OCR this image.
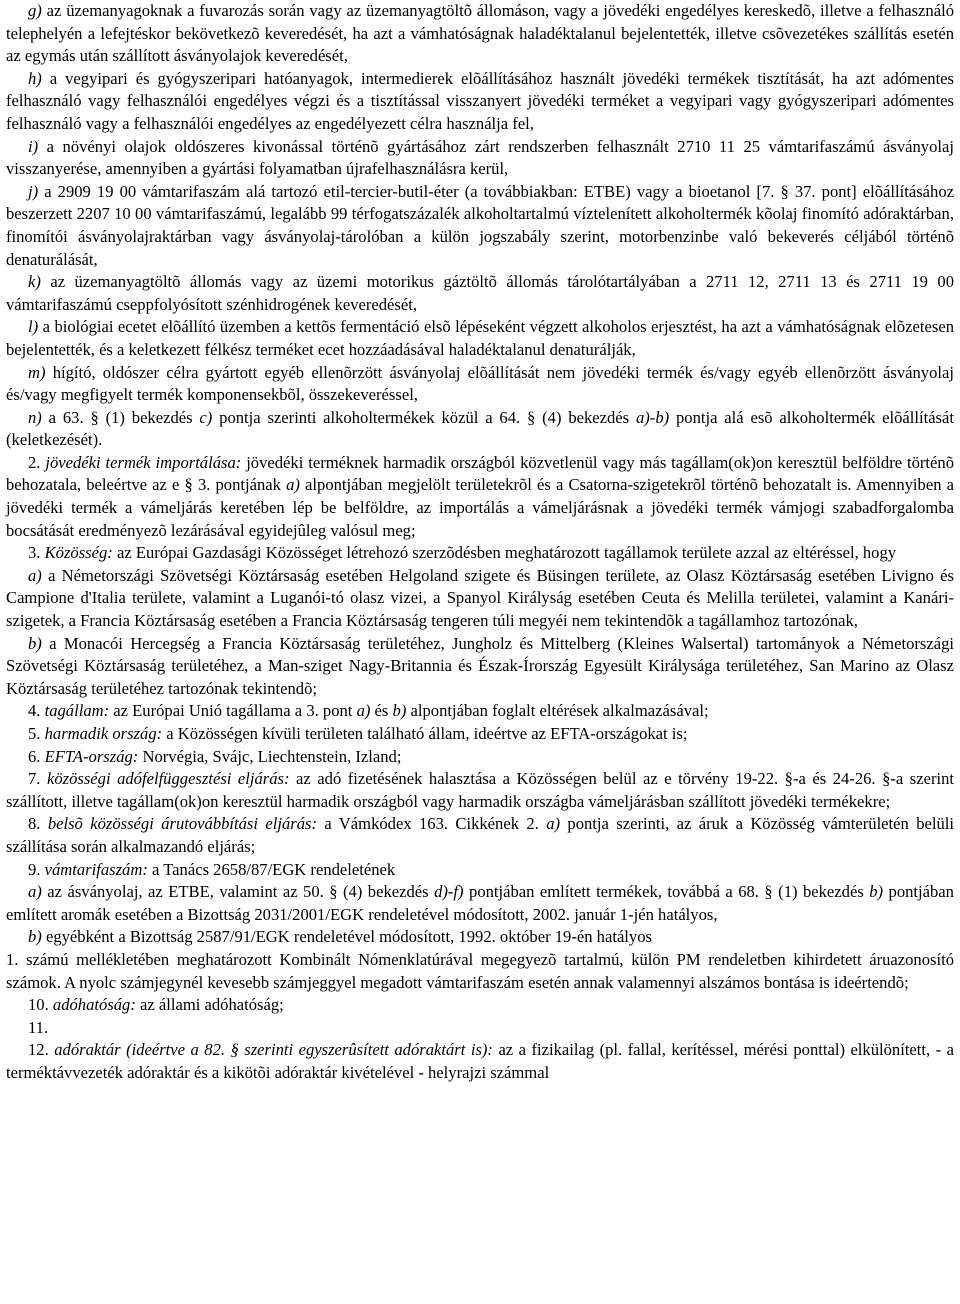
g) az üzemanyagoknak a fuvarozás során vagy az üzemanyagtöltõ állomáson, vagy a jövedéki engedélyes kereskedõ, illetve a felhasználó telephelyén a lefejtéskor bekövetkezõ keveredését, ha azt a vámhatóságnak haladéktalanul bejelentették, illetve csõvezetékes szállítás esetén az egymás után szállított ásványolajok keveredését,

h) a vegyipari és gyógyszeripari hatóanyagok, intermedierek elõállításához használt jövedéki termékek tisztítását, ha azt adómentes felhasználó vagy felhasználói engedélyes végzi és a tisztítással visszanyert jövedéki terméket a vegyipari vagy gyógyszeripari adómentes felhasználó vagy a felhasználói engedélyes az engedélyezett célra használja fel,

i) a növényi olajok oldószeres kivonással történõ gyártásához zárt rendszerben felhasznált 2710 11 25 vámtarifaszámú ásványolaj visszanyerése, amennyiben a gyártási folyamatban újrafelhasználásra kerül,

j) a 2909 19 00 vámtarifaszám alá tartozó etil-tercier-butil-éter (a továbbiakban: ETBE) vagy a bioetanol [7. § 37. pont] elõállításához beszerzett 2207 10 00 vámtarifaszámú, legalább 99 térfogatszázalék alkoholtartalmú víztelenített alkoholtermék kõolaj finomító adóraktárban, finomítói ásványolajraktárban vagy ásványolaj-tárolóban a külön jogszabály szerint, motorbenzinbe való bekeverés céljából történõ denaturálását,

k) az üzemanyagtöltõ állomás vagy az üzemi motorikus gáztöltõ állomás tárolótartályában a 2711 12, 2711 13 és 2711 19 00 vámtarifaszámú cseppfolyósított szénhidrogének keveredését,

l) a biológiai ecetet elõállító üzemben a kettõs fermentáció elsõ lépéseként végzett alkoholos erjesztést, ha azt a vámhatóságnak elõzetesen bejelentették, és a keletkezett félkész terméket ecet hozzáadásával haladéktalanul denaturálják,

m) hígító, oldószer célra gyártott egyéb ellenõrzött ásványolaj elõállítását nem jövedéki termék és/vagy egyéb ellenõrzött ásványolaj és/vagy megfigyelt termék komponensekbõl, összekeveréssel,

n) a 63. § (1) bekezdés c) pontja szerinti alkoholtermékek közül a 64. § (4) bekezdés a)-b) pontja alá esõ alkoholtermék elõállítását (keletkezését).

2. jövedéki termék importálása: jövedéki terméknek harmadik országból közvetlenül vagy más tagállam(ok)on keresztül belföldre történõ behozatala, beleértve az e § 3. pontjának a) alpontjában megjelölt területekrõl és a Csatorna-szigetekrõl történõ behozatalt is. Amennyiben a jövedéki termék a vámeljárás keretében lép be belföldre, az importálás a vámeljárásnak a jövedéki termék vámjogi szabadforgalomba bocsátását eredményezõ lezárásával egyidejûleg valósul meg;

3. Közösség: az Európai Gazdasági Közösséget létrehozó szerzõdésben meghatározott tagállamok területe azzal az eltéréssel, hogy

a) a Németországi Szövetségi Köztársaság esetében Helgoland szigete és Büsingen területe, az Olasz Köztársaság esetében Livigno és Campione d'Italia területe, valamint a Luganói-tó olasz vizei, a Spanyol Királyság esetében Ceuta és Melilla területei, valamint a Kanári-szigetek, a Francia Köztársaság esetében a Francia Köztársaság tengeren túli megyéi nem tekintendõk a tagállamhoz tartozónak,

b) a Monacói Hercegség a Francia Köztársaság területéhez, Jungholz és Mittelberg (Kleines Walsertal) tartományok a Németországi Szövetségi Köztársaság területéhez, a Man-sziget Nagy-Britannia és Észak-Írország Egyesült Királysága területéhez, San Marino az Olasz Köztársaság területéhez tartozónak tekintendõ;

4. tagállam: az Európai Unió tagállama a 3. pont a) és b) alpontjában foglalt eltérések alkalmazásával;

5. harmadik ország: a Közösségen kívüli területen található állam, ideértve az EFTA-országokat is;

6. EFTA-ország: Norvégia, Svájc, Liechtenstein, Izland;

7. közösségi adófelfüggesztési eljárás: az adó fizetésének halasztása a Közösségen belül az e törvény 19-22. §-a és 24-26. §-a szerint szállított, illetve tagállam(ok)on keresztül harmadik országból vagy harmadik országba vámeljárásban szállított jövedéki termékekre;

8. belsõ közösségi árutovábbítási eljárás: a Vámkódex 163. Cikkének 2. a) pontja szerinti, az áruk a Közösség vámterületén belüli szállítása során alkalmazandó eljárás;

9. vámtarifaszám: a Tanács 2658/87/EGK rendeletének

a) az ásványolaj, az ETBE, valamint az 50. § (4) bekezdés d)-f) pontjában említett termékek, továbbá a 68. § (1) bekezdés b) pontjában említett aromák esetében a Bizottság 2031/2001/EGK rendeletével módosított, 2002. január 1-jén hatályos,

b) egyébként a Bizottság 2587/91/EGK rendeletével módosított, 1992. október 19-én hatályos

1. számú mellékletében meghatározott Kombinált Nómenklatúrával megegyezõ tartalmú, külön PM rendeletben kihirdetett áruazonosító számok. A nyolc számjegynél kevesebb számjeggyel megadott vámtarifaszám esetén annak valamennyi alszámos bontása is ideértendõ;

10. adóhatóság: az állami adóhatóság;

11.

12. adóraktár (ideértve a 82. § szerinti egyszerûsített adóraktárt is): az a fizikailag (pl. fallal, kerítéssel, mérési ponttal) elkülönített, - a terméktávvezeték adóraktár és a kikötõi adóraktár kivételével - helyrajzi számmal
